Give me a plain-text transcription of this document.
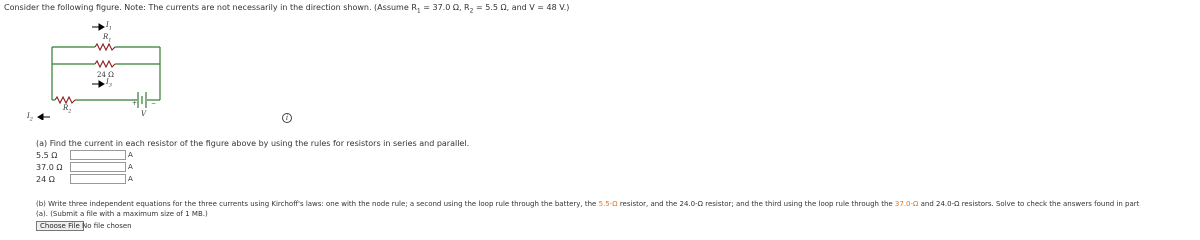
Consider the following figure. Note: The currents are not necessarily in the direction shown. (Assume $R_1 = 37.0$ Ω, $R_2 = 5.5$ Ω, and V = 48 V.)
$I_1$
$R_1$
24 Ω
$I_3$
$R_2$
$I_2$
V
+ −
i
(a) Find the current in each resistor of the figure above by using the rules for resistors in series and parallel.
5.5 Ω	A
37.0 Ω	A
24 Ω	A
(b) Write three independent equations for the three currents using Kirchoff's laws: one with the node rule; a second using the loop rule through the battery, the 5.5-Ω resistor, and the 24.0-Ω resistor; and the third using the loop rule through the 37.0-Ω and 24.0-Ω resistors. Solve to check the answers found in part
(a). (Submit a file with a maximum size of 1 MB.)
Choose File No file chosen
